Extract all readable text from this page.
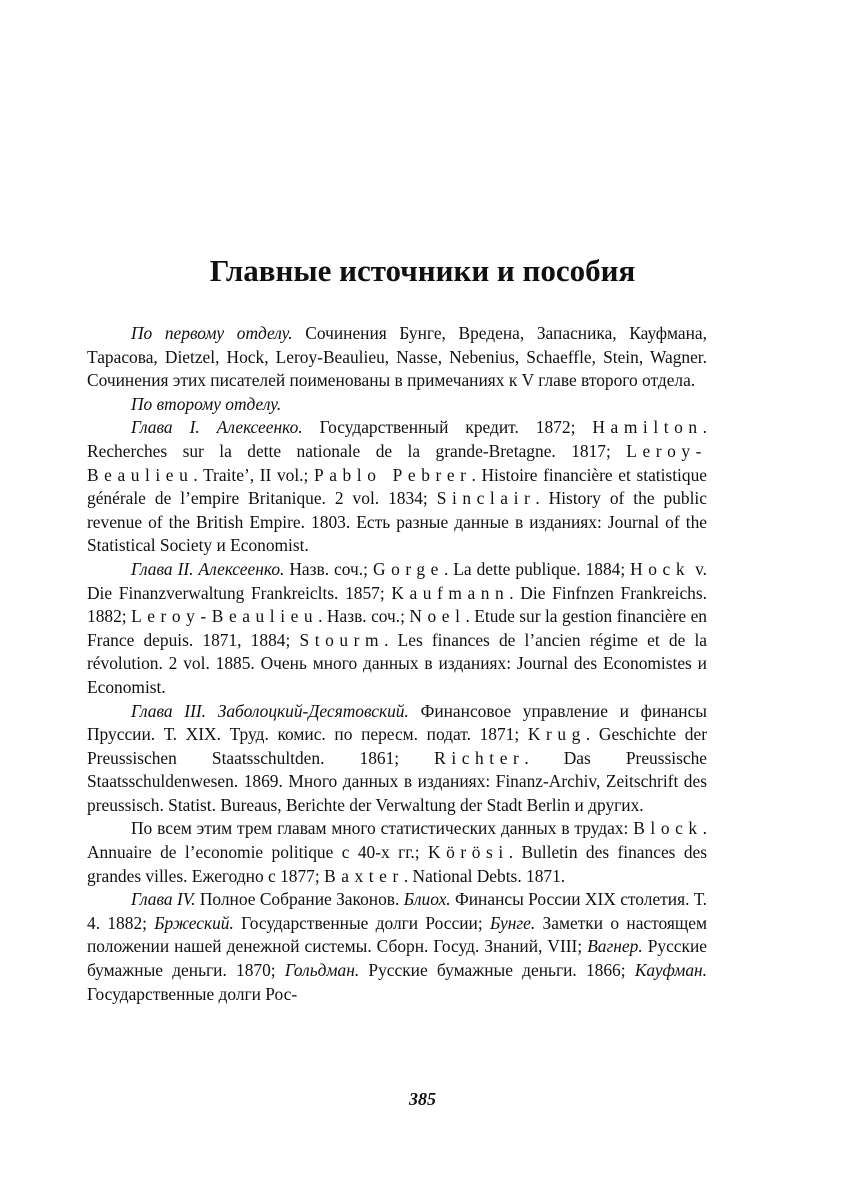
Главные источники и пособия

По первому отделу. Сочинения Бунге, Вредена, Запасника, Кауфмана, Тарасова, Dietzel, Hock, Leroy-Beaulieu, Nasse, Nebenius, Schaeffle, Stein, Wagner. Сочинения этих писателей поименованы в примечаниях к V главе второго отдела.

По второму отделу.

Глава I. Алексеенко. Государственный кредит. 1872; Hamilton. Recherches sur la dette nationale de la grande-Bretagne. 1817; Leroy-Beaulieu. Traite’, II vol.; Pablo Pebrer. Histoire financière et statistique générale de l’empire Britanique. 2 vol. 1834; Sinclair. History of the public revenue of the British Empire. 1803. Есть разные данные в изданиях: Journal of the Statistical Society и Economist.

Глава II. Алексеенко. Назв. соч.; Gorge. La dette publique. 1884; Hock v. Die Finanzverwaltung Frankreiclts. 1857; Kaufmann. Die Finfnzen Frankreichs. 1882; Leroy-Beaulieu. Назв. соч.; Noel. Etude sur la gestion financière en France depuis. 1871, 1884; Stourm. Les finances de l’ancien régime et de la révolution. 2 vol. 1885. Очень много данных в изданиях: Journal des Economistes и Economist.

Глава III. Заболоцкий-Десятовский. Финансовое управление и финансы Пруссии. Т. XIX. Труд. комис. по пересм. подат. 1871; Krug. Geschichte der Preussischen Staatsschultden. 1861; Richter. Das Preussische Staatsschuldenwesen. 1869. Много данных в изданиях: Finanz-Archiv, Zeitschrift des preussisch. Statist. Bureaus, Berichte der Verwaltung der Stadt Berlin и других.

По всем этим трем главам много статистических данных в трудах: Block. Annuaire de l’economie politique с 40-х гг.; Körösi. Bulletin des finances des grandes villes. Ежегодно с 1877; Baxter. National Debts. 1871.

Глава IV. Полное Собрание Законов. Блиох. Финансы России XIX столетия. Т. 4. 1882; Бржеский. Государственные долги России; Бунге. Заметки о настоящем положении нашей денежной системы. Сборн. Госуд. Знаний, VIII; Вагнер. Русские бумажные деньги. 1870; Гольдман. Русские бумажные деньги. 1866; Кауфман. Государственные долги Рос-

385
